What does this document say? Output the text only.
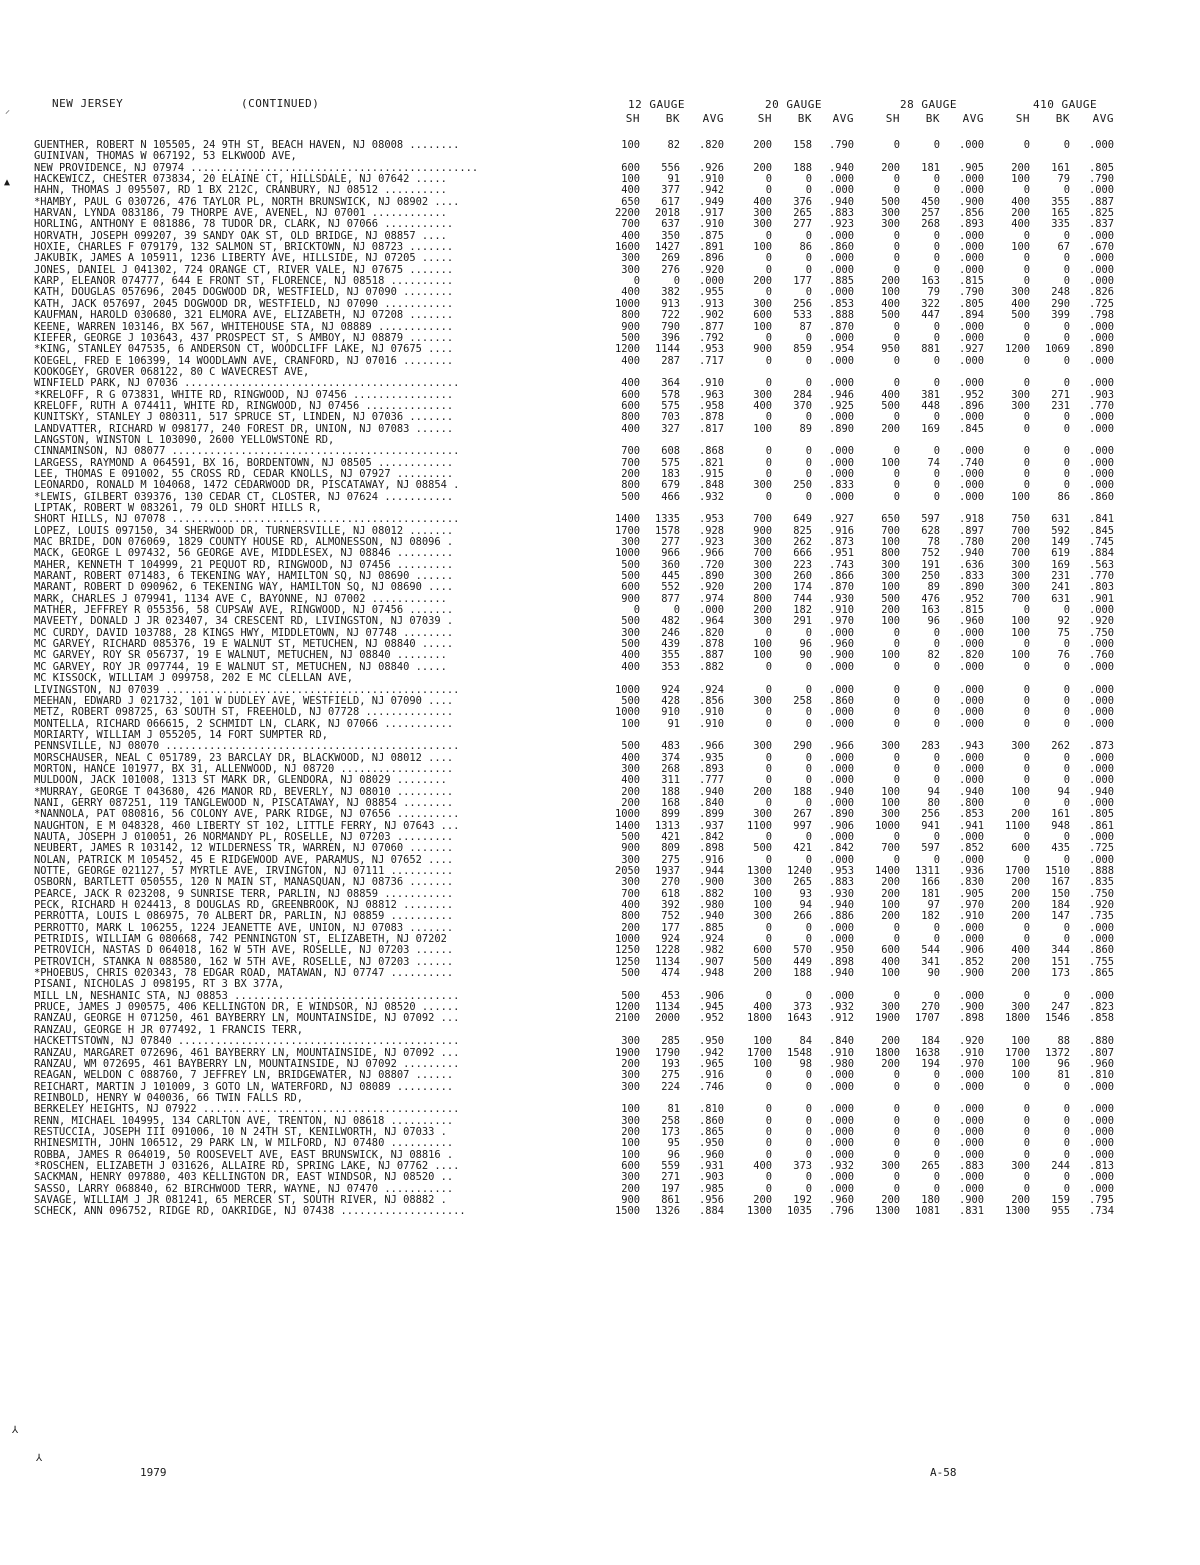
NEW JERSEY	(CONTINUED)	12 GAUGE	20 GAUGE	28 GAUGE	410 GAUGE
SH	BK AVG	SH	BK AVG	SH	BK AVG	SH	BK AVG
GUENTHER, ROBERT N 105505, 24 9TH ST, BEACH HAVEN, NJ 08008 ........	100	82	.820	200	158	.790	0	0	.000	0	0	.000
GUINIVAN, THOMAS W 067192, 53 ELKWOOD AVE,
NEW PROVIDENCE, NJ 07974 ..............................................	600	556	.926	200	188	.940	200	181	.905	200	161	.805
HACKEWICZ, CHESTER 073834, 20 ELAINE CT, HILLSDALE, NJ 07642 .....	100	91	.910	0	0	.000	0	0	.000	100	79	.790
HAHN, THOMAS J 095507, RD 1 BX 212C, CRANBURY, NJ 08512 ..........	400	377	.942	0	0	.000	0	0	.000	0	0	.000
*HAMBY, PAUL G 030726, 476 TAYLOR PL, NORTH BRUNSWICK, NJ 08902 ....	650	617	.949	400	376	.940	500	450	.900	400	355	.887
HARVAN, LYNDA 083186, 79 THORPE AVE, AVENEL, NJ 07001 ............	2200	2018	.917	300	265	.883	300	257	.856	200	165	.825
HORLING, ANTHONY E 081886, 78 TUDOR DR, CLARK, NJ 07066 ...........	700	637	.910	300	277	.923	300	268	.893	400	335	.837
HORVATH, JOSEPH 099207, 39 SANDY OAK ST, OLD BRIDGE, NJ 08857 ....	400	350	.875	0	0	.000	0	0	.000	0	0	.000
HOXIE, CHARLES F 079179, 132 SALMON ST, BRICKTOWN, NJ 08723 .......	1600	1427	.891	100	86	.860	0	0	.000	100	67	.670
JAKUBIK, JAMES A 105911, 1236 LIBERTY AVE, HILLSIDE, NJ 07205 .....	300	269	.896	0	0	.000	0	0	.000	0	0	.000
JONES, DANIEL J 041302, 724 ORANGE CT, RIVER VALE, NJ 07675 .......	300	276	.920	0	0	.000	0	0	.000	0	0	.000
KARP, ELEANOR 074777, 644 E FRONT ST, FLORENCE, NJ 08518 ..........	0	0	.000	200	177	.885	200	163	.815	0	0	.000
KATH, DOUGLAS 057696, 2045 DOGWOOD DR, WESTFIELD, NJ 07090 ........	400	382	.955	0	0	.000	100	79	.790	300	248	.826
KATH, JACK 057697, 2045 DOGWOOD DR, WESTFIELD, NJ 07090 ...........	1000	913	.913	300	256	.853	400	322	.805	400	290	.725
KAUFMAN, HAROLD 030680, 321 ELMORA AVE, ELIZABETH, NJ 07208 .......	800	722	.902	600	533	.888	500	447	.894	500	399	.798
KEENE, WARREN 103146, BX 567, WHITEHOUSE STA, NJ 08889 ............	900	790	.877	100	87	.870	0	0	.000	0	0	.000
KIEFER, GEORGE J 103643, 437 PROSPECT ST, S AMBOY, NJ 08879 .......	500	396	.792	0	0	.000	0	0	.000	0	0	.000
*KING, STANLEY 047535, 6 ANDERSON CT, WOODCLIFF LAKE, NJ 07675 ....	1200	1144	.953	900	859	.954	950	881	.927	1200	1069	.890
KOEGEL, FRED E 106399, 14 WOODLAWN AVE, CRANFORD, NJ 07016 ........	400	287	.717	0	0	.000	0	0	.000	0	0	.000
KOOKOGEY, GROVER 068122, 80 C WAVECREST AVE,
WINFIELD PARK, NJ 07036 ............................................	400	364	.910	0	0	.000	0	0	.000	0	0	.000
*KRELOFF, R G 073831, WHITE RD, RINGWOOD, NJ 07456 ................	600	578	.963	300	284	.946	400	381	.952	300	271	.903
KRELOFF, RUTH A 074411, WHITE RD, RINGWOOD, NJ 07456 ..............	600	575	.958	400	370	.925	500	448	.896	300	231	.770
KUNITSKY, STANLEY J 080311, 517 SPRUCE ST, LINDEN, NJ 07036 .......	800	703	.878	0	0	.000	0	0	.000	0	0	.000
LANDVATTER, RICHARD W 098177, 240 FOREST DR, UNION, NJ 07083 ......	400	327	.817	100	89	.890	200	169	.845	0	0	.000
LANGSTON, WINSTON L 103090, 2600 YELLOWSTONE RD,
CINNAMINSON, NJ 08077 ..............................................	700	608	.868	0	0	.000	0	0	.000	0	0	.000
LARGESS, RAYMOND A 064591, BX 16, BORDENTOWN, NJ 08505 ............	700	575	.821	0	0	.000	100	74	.740	0	0	.000
LEE, THOMAS E 091002, 55 CROSS RD, CEDAR KNOLLS, NJ 07927 .........	200	183	.915	0	0	.000	0	0	.000	0	0	.000
LEONARDO, RONALD M 104068, 1472 CEDARWOOD DR, PISCATAWAY, NJ 08854 .	800	679	.848	300	250	.833	0	0	.000	0	0	.000
*LEWIS, GILBERT 039376, 130 CEDAR CT, CLOSTER, NJ 07624 ...........	500	466	.932	0	0	.000	0	0	.000	100	86	.860
LIPTAK, ROBERT W 083261, 79 OLD SHORT HILLS R,
SHORT HILLS, NJ 07078 ..............................................	1400	1335	.953	700	649	.927	650	597	.918	750	631	.841
LOPEZ, LOUIS 097150, 34 SHERWOOD DR, TURNERSVILLE, NJ 08012 .......	1700	1578	.928	900	825	.916	700	628	.897	700	592	.845
MAC BRIDE, DON 076069, 1829 COUNTY HOUSE RD, ALMONESSON, NJ 08096 .	300	277	.923	300	262	.873	100	78	.780	200	149	.745
MACK, GEORGE L 097432, 56 GEORGE AVE, MIDDLESEX, NJ 08846 .........	1000	966	.966	700	666	.951	800	752	.940	700	619	.884
MAHER, KENNETH T 104999, 21 PEQUOT RD, RINGWOOD, NJ 07456 .........	500	360	.720	300	223	.743	300	191	.636	300	169	.563
MARANT, ROBERT 071483, 6 TEKENING WAY, HAMILTON SQ, NJ 08690 ......	500	445	.890	300	260	.866	300	250	.833	300	231	.770
MARANT, ROBERT D 090962, 6 TEKENING WAY, HAMILTON SQ, NJ 08690 ....	600	552	.920	200	174	.870	100	89	.890	300	241	.803
MARK, CHARLES J 079941, 1134 AVE C, BAYONNE, NJ 07002 ............	900	877	.974	800	744	.930	500	476	.952	700	631	.901
MATHER, JEFFREY R 055356, 58 CUPSAW AVE, RINGWOOD, NJ 07456 .......	0	0	.000	200	182	.910	200	163	.815	0	0	.000
MAVEETY, DONALD J JR 023407, 34 CRESCENT RD, LIVINGSTON, NJ 07039 .	500	482	.964	300	291	.970	100	96	.960	100	92	.920
MC CURDY, DAVID 103788, 28 KINGS HWY, MIDDLETOWN, NJ 07748 ........	300	246	.820	0	0	.000	0	0	.000	100	75	.750
MC GARVEY, RICHARD 085376, 19 E WALNUT ST, METUCHEN, NJ 08840 .....	500	439	.878	100	96	.960	0	0	.000	0	0	.000
MC GARVEY, ROY SR 056737, 19 E WALNUT, METUCHEN, NJ 08840 ........	400	355	.887	100	90	.900	100	82	.820	100	76	.760
MC GARVEY, ROY JR 097744, 19 E WALNUT ST, METUCHEN, NJ 08840 .....	400	353	.882	0	0	.000	0	0	.000	0	0	.000
MC KISSOCK, WILLIAM J 099758, 202 E MC CLELLAN AVE,
LIVINGSTON, NJ 07039 ...............................................	1000	924	.924	0	0	.000	0	0	.000	0	0	.000
MEEHAN, EDWARD J 021732, 101 W DUDLEY AVE, WESTFIELD, NJ 07090 ....	500	428	.856	300	258	.860	0	0	.000	0	0	.000
METZ, ROBERT 098725, 63 SOUTH ST, FREEHOLD, NJ 07728 ..............	1000	910	.910	0	0	.000	0	0	.000	0	0	.000
MONTELLA, RICHARD 066615, 2 SCHMIDT LN, CLARK, NJ 07066 ...........	100	91	.910	0	0	.000	0	0	.000	0	0	.000
MORIARTY, WILLIAM J 055205, 14 FORT SUMPTER RD,
PENNSVILLE, NJ 08070 ...............................................	500	483	.966	300	290	.966	300	283	.943	300	262	.873
MORSCHAUSER, NEAL C 051789, 23 BARCLAY DR, BLACKWOOD, NJ 08012 ....	400	374	.935	0	0	.000	0	0	.000	0	0	.000
MORTON, HANCE 101977, BX 31, ALLENWOOD, NJ 08720 ..................	300	268	.893	0	0	.000	0	0	.000	0	0	.000
MULDOON, JACK 101008, 1313 ST MARK DR, GLENDORA, NJ 08029 ........	400	311	.777	0	0	.000	0	0	.000	0	0	.000
*MURRAY, GEORGE T 043680, 426 MANOR RD, BEVERLY, NJ 08010 .........	200	188	.940	200	188	.940	100	94	.940	100	94	.940
NANI, GERRY 087251, 119 TANGLEWOOD N, PISCATAWAY, NJ 08854 ........	200	168	.840	0	0	.000	100	80	.800	0	0	.000
*NANNOLA, PAT 080816, 56 COLONY AVE, PARK RIDGE, NJ 07656 ..........	1000	899	.899	300	267	.890	300	256	.853	200	161	.805
NAUGHTON, E M 048328, 460 LIBERTY ST 102, LITTLE FERRY, NJ 07643 ...	1400	1313	.937	1100	997	.906	1000	941	.941	1100	948	.861
NAUTA, JOSEPH J 010051, 26 NORMANDY PL, ROSELLE, NJ 07203 .........	500	421	.842	0	0	.000	0	0	.000	0	0	.000
NEUBERT, JAMES R 103142, 12 WILDERNESS TR, WARREN, NJ 07060 .......	900	809	.898	500	421	.842	700	597	.852	600	435	.725
NOLAN, PATRICK M 105452, 45 E RIDGEWOOD AVE, PARAMUS, NJ 07652 ....	300	275	.916	0	0	.000	0	0	.000	0	0	.000
NOTTE, GEORGE 021127, 57 MYRTLE AVE, IRVINGTON, NJ 07111 ..........	2050	1937	.944	1300	1240	.953	1400	1311	.936	1700	1510	.888
OSBORN, BARTLETT 050555, 120 N MAIN ST, MANASQUAN, NJ 08736 .......	300	270	.900	300	265	.883	200	166	.830	200	167	.835
PEARCE, JACK R 023208, 9 SUNRISE TERR, PARLIN, NJ 08859 ...........	700	618	.882	100	93	.930	200	181	.905	200	150	.750
PECK, RICHARD H 024413, 8 DOUGLAS RD, GREENBROOK, NJ 08812 ........	400	392	.980	100	94	.940	100	97	.970	200	184	.920
PERROTTA, LOUIS L 086975, 70 ALBERT DR, PARLIN, NJ 08859 ..........	800	752	.940	300	266	.886	200	182	.910	200	147	.735
PERROTTO, MARK L 106255, 1224 JEANETTE AVE, UNION, NJ 07083 .......	200	177	.885	0	0	.000	0	0	.000	0	0	.000
PETRIDIS, WILLIAM G 080668, 742 PENNINGTON ST, ELIZABETH, NJ 07202	1000	924	.924	0	0	.000	0	0	.000	0	0	.000
PETROVICH, NASTAS D 064018, 162 W 5TH AVE, ROSELLE, NJ 07203 ......	1250	1228	.982	600	570	.950	600	544	.906	400	344	.860
PETROVICH, STANKA N 088580, 162 W 5TH AVE, ROSELLE, NJ 07203 ......	1250	1134	.907	500	449	.898	400	341	.852	200	151	.755
*PHOEBUS, CHRIS 020343, 78 EDGAR ROAD, MATAWAN, NJ 07747 ..........	500	474	.948	200	188	.940	100	90	.900	200	173	.865
PISANI, NICHOLAS J 098195, RT 3 BX 377A,
MILL LN, NESHANIC STA, NJ 08853 ....................................	500	453	.906	0	0	.000	0	0	.000	0	0	.000
PRUCE, JAMES J 090575, 406 KELLINGTON DR, E WINDSOR, NJ 08520 ......	1200	1134	.945	400	373	.932	300	270	.900	300	247	.823
RANZAU, GEORGE H 071250, 461 BAYBERRY LN, MOUNTAINSIDE, NJ 07092 ...	2100	2000	.952	1800	1643	.912	1900	1707	.898	1800	1546	.858
RANZAU, GEORGE H JR 077492, 1 FRANCIS TERR,
HACKETTSTOWN, NJ 07840 .............................................	300	285	.950	100	84	.840	200	184	.920	100	88	.880
RANZAU, MARGARET 072696, 461 BAYBERRY LN, MOUNTAINSIDE, NJ 07092 ...	1900	1790	.942	1700	1548	.910	1800	1638	.910	1700	1372	.807
RANZAU, WM 072695, 461 BAYBERRY LN, MOUNTAINSIDE, NJ 07092 .........	200	193	.965	100	98	.980	200	194	.970	100	96	.960
REAGAN, WELDON C 088760, 7 JEFFREY LN, BRIDGEWATER, NJ 08807 ......	300	275	.916	0	0	.000	0	0	.000	100	81	.810
REICHART, MARTIN J 101009, 3 GOTO LN, WATERFORD, NJ 08089 .........	300	224	.746	0	0	.000	0	0	.000	0	0	.000
REINBOLD, HENRY W 040036, 66 TWIN FALLS RD,
BERKELEY HEIGHTS, NJ 07922 .........................................	100	81	.810	0	0	.000	0	0	.000	0	0	.000
RENN, MICHAEL 104995, 134 CARLTON AVE, TRENTON, NJ 08618 ..........	300	258	.860	0	0	.000	0	0	.000	0	0	.000
RESTUCCIA, JOSEPH III 091006, 10 N 24TH ST, KENILWORTH, NJ 07033 .	200	173	.865	0	0	.000	0	0	.000	0	0	.000
RHINESMITH, JOHN 106512, 29 PARK LN, W MILFORD, NJ 07480 ..........	100	95	.950	0	0	.000	0	0	.000	0	0	.000
ROBBA, JAMES R 064019, 50 ROOSEVELT AVE, EAST BRUNSWICK, NJ 08816 .	100	96	.960	0	0	.000	0	0	.000	0	0	.000
*ROSCHEN, ELIZABETH J 031626, ALLAIRE RD, SPRING LAKE, NJ 07762 ....	600	559	.931	400	373	.932	300	265	.883	300	244	.813
SACKMAN, HENRY 097880, 403 KELLINGTON DR, EAST WINDSOR, NJ 08520 ..	300	271	.903	0	0	.000	0	0	.000	0	0	.000
SASSO, LARRY 068840, 62 BIRCHWOOD TERR, WAYNE, NJ 07470 ...........	200	197	.985	0	0	.000	0	0	.000	0	0	.000
SAVAGE, WILLIAM J JR 081241, 65 MERCER ST, SOUTH RIVER, NJ 08882 .	900	861	.956	200	192	.960	200	180	.900	200	159	.795
SCHECK, ANN 096752, RIDGE RD, OAKRIDGE, NJ 07438 ....................	1500	1326	.884	1300	1035	.796	1300	1081	.831	1300	955	.734
1979	A-58
⸝
▲
⅄
⅄
